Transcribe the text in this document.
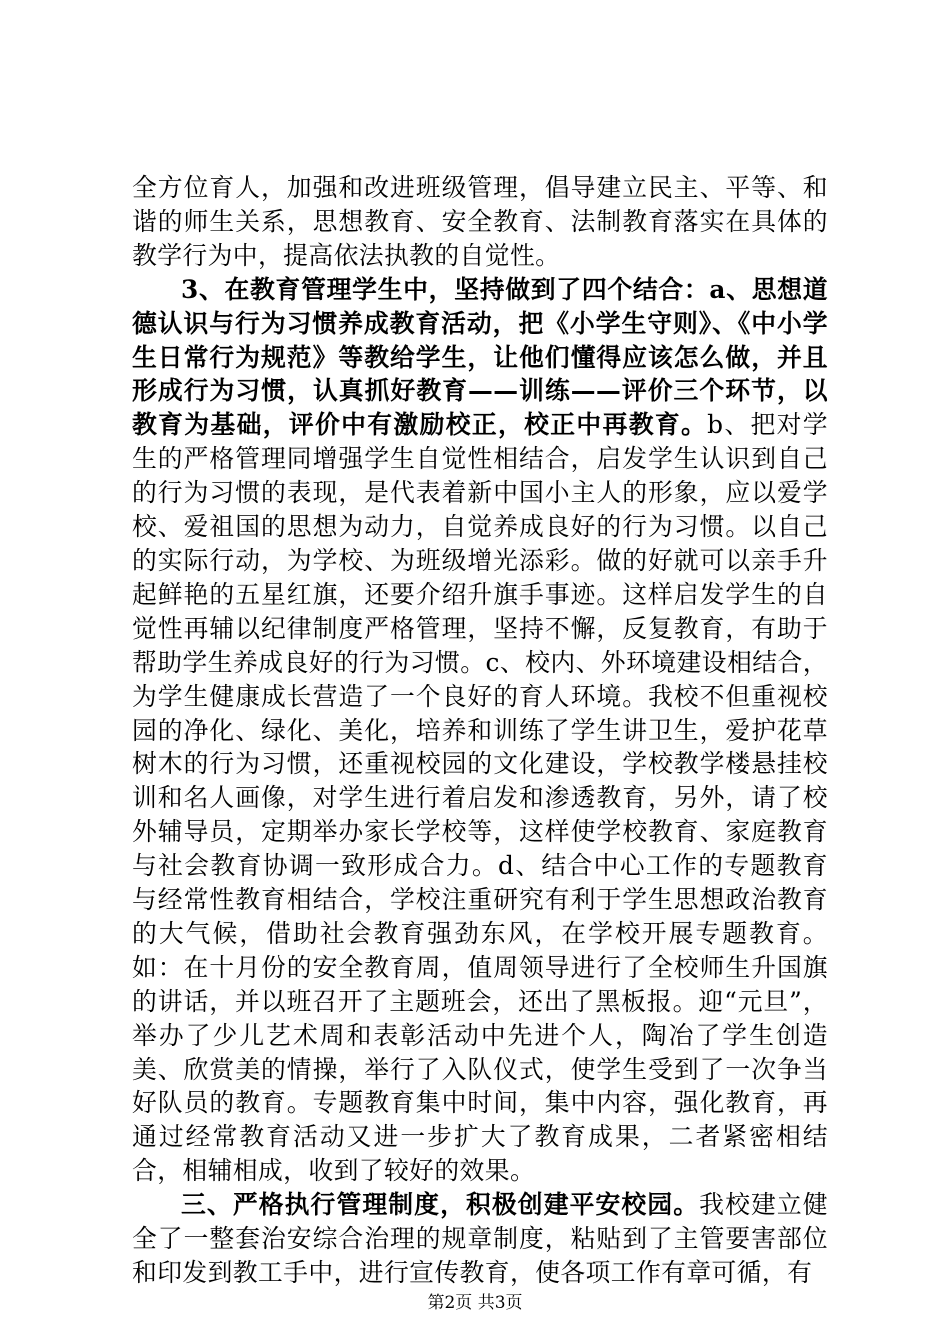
全方位育人，加强和改进班级管理，倡导建立民主、平等、和谐的师生关系，思想教育、安全教育、法制教育落实在具体的教学行为中，提高依法执教的自觉性。

3、在教育管理学生中，坚持做到了四个结合：a、思想道德认识与行为习惯养成教育活动，把《小学生守则》、《中小学生日常行为规范》等教给学生，让他们懂得应该怎么做，并且形成行为习惯，认真抓好教育——训练——评价三个环节，以教育为基础，评价中有激励校正，校正中再教育。b、把对学生的严格管理同增强学生自觉性相结合，启发学生认识到自己的行为习惯的表现，是代表着新中国小主人的形象，应以爱学校、爱祖国的思想为动力，自觉养成良好的行为习惯。以自己的实际行动，为学校、为班级增光添彩。做的好就可以亲手升起鲜艳的五星红旗，还要介绍升旗手事迹。这样启发学生的自觉性再辅以纪律制度严格管理，坚持不懈，反复教育，有助于帮助学生养成良好的行为习惯。c、校内、外环境建设相结合，为学生健康成长营造了一个良好的育人环境。我校不但重视校园的净化、绿化、美化，培养和训练了学生讲卫生，爱护花草树木的行为习惯，还重视校园的文化建设，学校教学楼悬挂校训和名人画像，对学生进行着启发和渗透教育，另外，请了校外辅导员，定期举办家长学校等，这样使学校教育、家庭教育与社会教育协调一致形成合力。d、结合中心工作的专题教育与经常性教育相结合，学校注重研究有利于学生思想政治教育的大气候，借助社会教育强劲东风，在学校开展专题教育。如：在十月份的安全教育周，值周领导进行了全校师生升国旗的讲话，并以班召开了主题班会，还出了黑板报。迎“元旦”，举办了少儿艺术周和表彰活动中先进个人，陶冶了学生创造美、欣赏美的情操，举行了入队仪式，使学生受到了一次争当好队员的教育。专题教育集中时间，集中内容，强化教育，再通过经常教育活动又进一步扩大了教育成果，二者紧密相结合，相辅相成，收到了较好的效果。

三、严格执行管理制度，积极创建平安校园。我校建立健全了一整套治安综合治理的规章制度，粘贴到了主管要害部位和印发到教工手中，进行宣传教育，使各项工作有章可循，有

第2页 共3页
